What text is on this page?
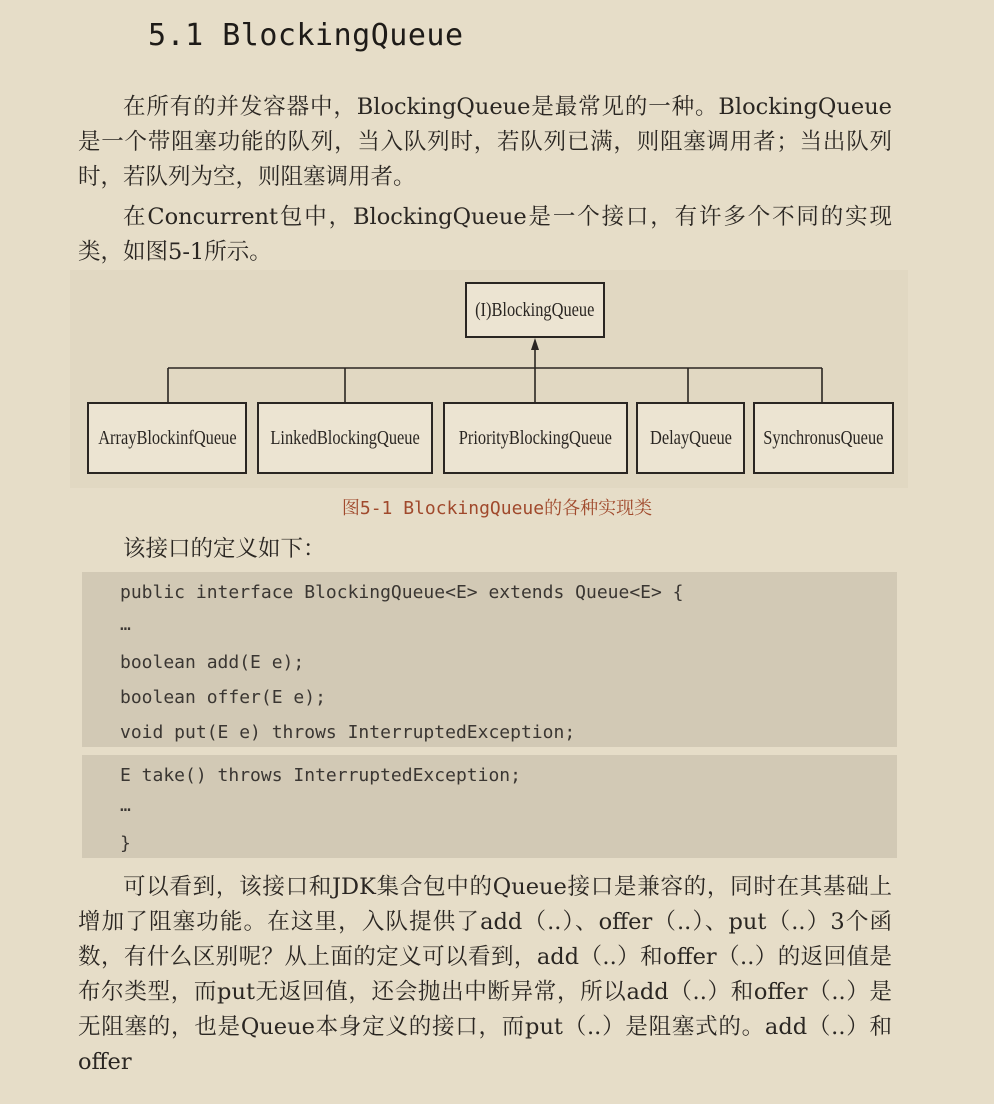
5.1 BlockingQueue

在所有的并发容器中，BlockingQueue是最常见的一种。BlockingQueue是一个带阻塞功能的队列，当入队列时，若队列已满，则阻塞调用者；当出队列时，若队列为空，则阻塞调用者。

在Concurrent包中，BlockingQueue是一个接口，有许多个不同的实现类，如图5-1所示。

(I)BlockingQueue
ArrayBlockinfQueue LinkedBlockingQueue PriorityBlockingQueue DelayQueue SynchronusQueue
图5-1 BlockingQueue的各种实现类

该接口的定义如下：

public interface BlockingQueue<E> extends Queue<E> {
…
boolean add(E e);
boolean offer(E e);
void put(E e) throws InterruptedException;
E take() throws InterruptedException;
…
}

可以看到，该接口和JDK集合包中的Queue接口是兼容的，同时在其基础上增加了阻塞功能。在这里，入队提供了add（..）、offer（..）、put（..）3个函数，有什么区别呢？从上面的定义可以看到，add（..）和offer（..）的返回值是布尔类型，而put无返回值，还会抛出中断异常，所以add（..）和offer（..）是无阻塞的，也是Queue本身定义的接口，而put（..）是阻塞式的。add（..）和offer
